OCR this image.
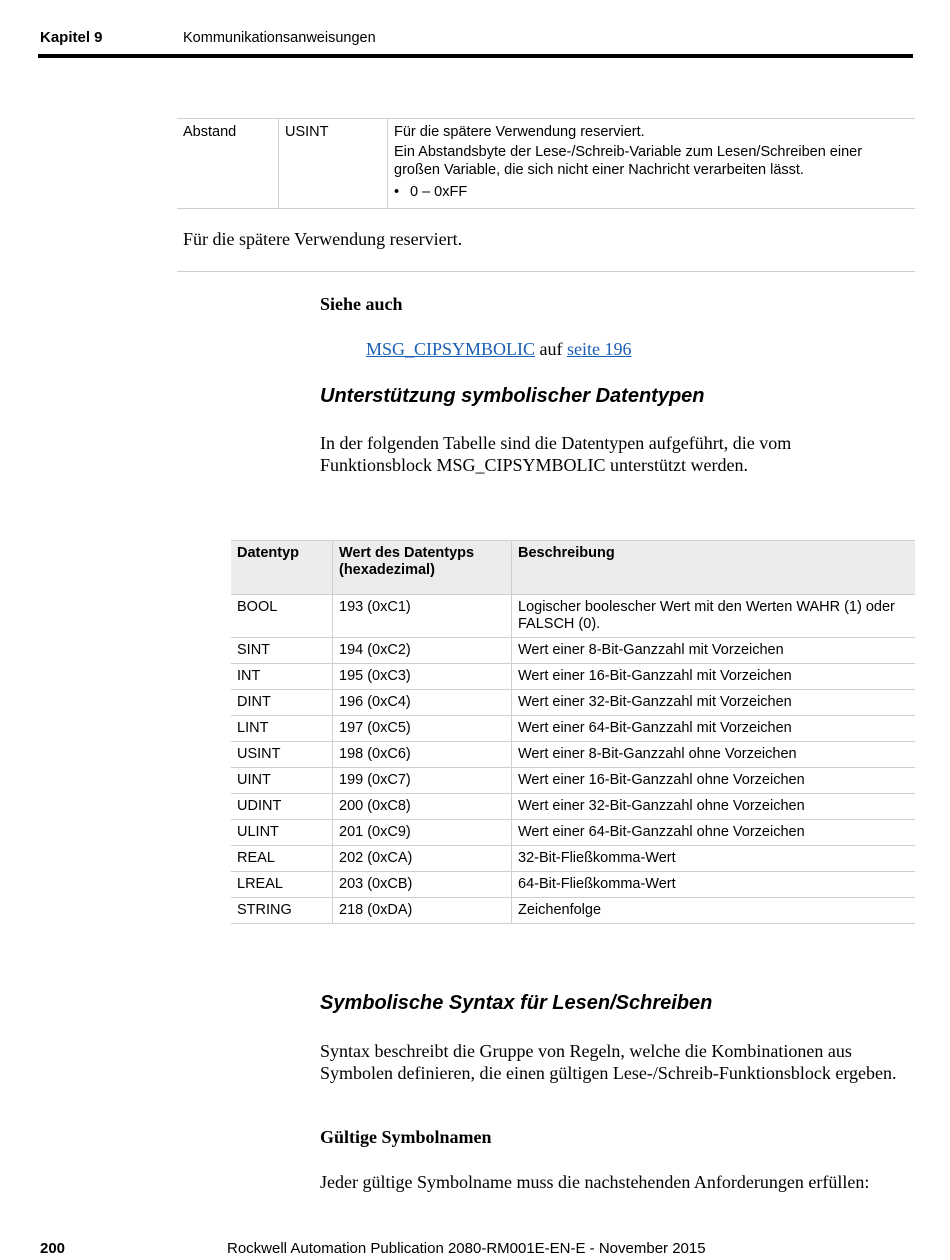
Kapitel 9	Kommunikationsanweisungen
Abstand	USINT	Für die spätere Verwendung reserviert.

Ein Abstandsbyte der Lese-/Schreib-Variable zum Lesen/Schreiben einer großen Variable, die sich nicht einer Nachricht verarbeiten lässt.

• 0 – 0xFF

Für die spätere Verwendung reserviert.
Siehe auch
MSG_CIPSYMBOLIC auf seite 196
Unterstützung symbolischer Datentypen
In der folgenden Tabelle sind die Datentypen aufgeführt, die vom Funktionsblock MSG_CIPSYMBOLIC unterstützt werden.
Datentyp	Wert des Datentyps (hexadezimal)	Beschreibung
BOOL	193 (0xC1)	Logischer boolescher Wert mit den Werten WAHR (1) oder FALSCH (0).
SINT	194 (0xC2)	Wert einer 8-Bit-Ganzzahl mit Vorzeichen
INT	195 (0xC3)	Wert einer 16-Bit-Ganzzahl mit Vorzeichen
DINT	196 (0xC4)	Wert einer 32-Bit-Ganzzahl mit Vorzeichen
LINT	197 (0xC5)	Wert einer 64-Bit-Ganzzahl mit Vorzeichen
USINT	198 (0xC6)	Wert einer 8-Bit-Ganzzahl ohne Vorzeichen
UINT	199 (0xC7)	Wert einer 16-Bit-Ganzzahl ohne Vorzeichen
UDINT	200 (0xC8)	Wert einer 32-Bit-Ganzzahl ohne Vorzeichen
ULINT	201 (0xC9)	Wert einer 64-Bit-Ganzzahl ohne Vorzeichen
REAL	202 (0xCA)	32-Bit-Fließkomma-Wert
LREAL	203 (0xCB)	64-Bit-Fließkomma-Wert
STRING	218 (0xDA)	Zeichenfolge
Symbolische Syntax für Lesen/Schreiben
Syntax beschreibt die Gruppe von Regeln, welche die Kombinationen aus Symbolen definieren, die einen gültigen Lese-/Schreib-Funktionsblock ergeben.
Gültige Symbolnamen
Jeder gültige Symbolname muss die nachstehenden Anforderungen erfüllen:
200	Rockwell Automation Publication 2080-RM001E-EN-E - November 2015
